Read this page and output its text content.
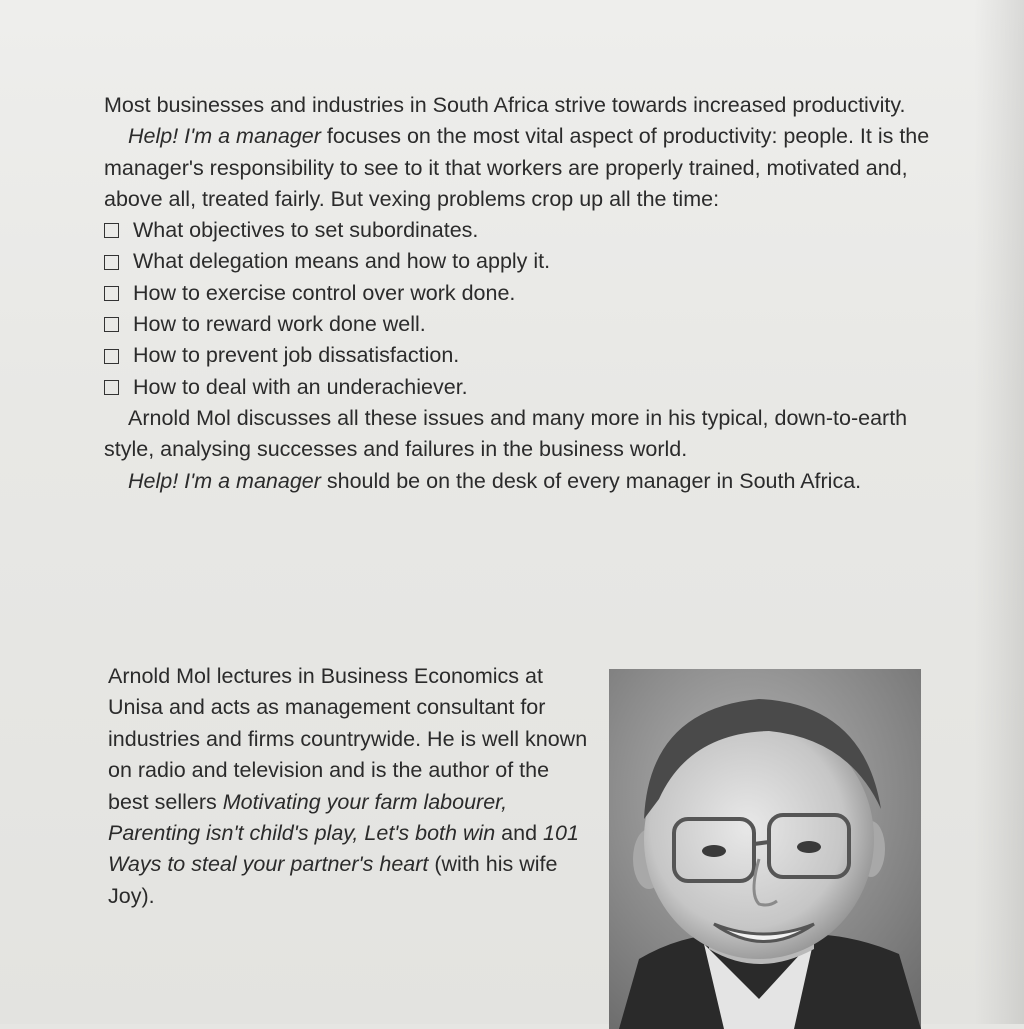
Most businesses and industries in South Africa strive towards increased productivity.

Help! I'm a manager focuses on the most vital aspect of productivity: people. It is the manager's responsibility to see to it that workers are properly trained, motivated and, above all, treated fairly. But vexing problems crop up all the time:

What objectives to set subordinates.
What delegation means and how to apply it.
How to exercise control over work done.
How to reward work done well.
How to prevent job dissatisfaction.
How to deal with an underachiever.

Arnold Mol discusses all these issues and many more in his typical, down-to-earth style, analysing successes and failures in the business world.

Help! I'm a manager should be on the desk of every manager in South Africa.

Arnold Mol lectures in Business Economics at Unisa and acts as management consultant for industries and firms countrywide. He is well known on radio and television and is the author of the best sellers Motivating your farm labourer, Parenting isn't child's play, Let's both win and 101 Ways to steal your partner's heart (with his wife Joy).
